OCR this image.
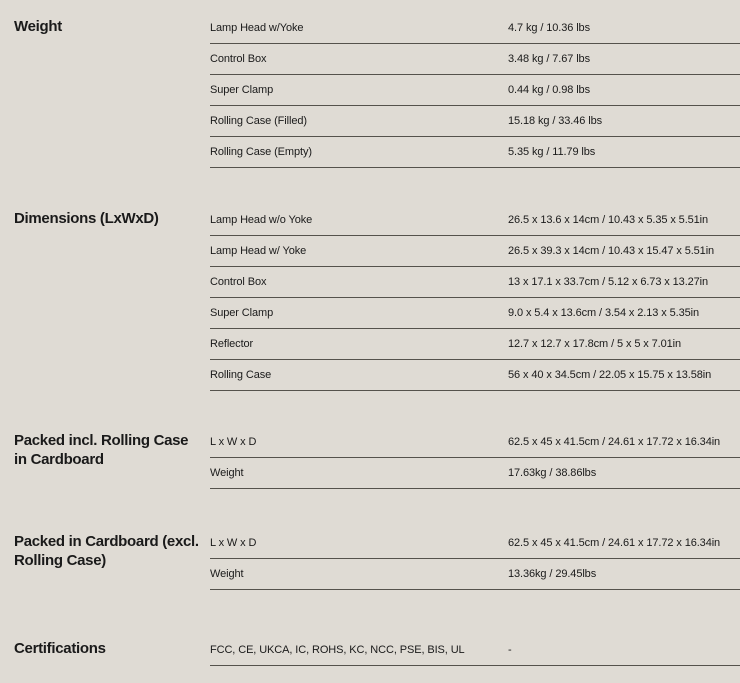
Weight	Lamp Head w/Yoke	4.7 kg / 10.36 lbs
Control Box	3.48 kg / 7.67 lbs
Super Clamp	0.44 kg / 0.98 lbs
Rolling Case (Filled)	15.18 kg / 33.46 lbs
Rolling Case (Empty)	5.35 kg / 11.79 lbs
Dimensions (LxWxD)	Lamp Head w/o Yoke	26.5 x 13.6 x 14cm / 10.43 x 5.35 x 5.51in
Lamp Head w/ Yoke	26.5 x 39.3 x 14cm / 10.43 x 15.47 x 5.51in
Control Box	13 x 17.1 x 33.7cm / 5.12 x 6.73 x 13.27in
Super Clamp	9.0 x 5.4 x 13.6cm / 3.54 x 2.13 x 5.35in
Reflector	12.7 x 12.7 x 17.8cm / 5 x 5 x 7.01in
Rolling Case	56 x 40 x 34.5cm / 22.05 x 15.75 x 13.58in
Packed incl. Rolling Case in Cardboard
L x W x D	62.5 x 45 x 41.5cm / 24.61 x 17.72 x 16.34in
Weight	17.63kg / 38.86lbs
Packed in Cardboard (excl. Rolling Case)
L x W x D	62.5 x 45 x 41.5cm / 24.61 x 17.72 x 16.34in
Weight	13.36kg / 29.45lbs
Certifications	FCC, CE, UKCA, IC, ROHS, KC, NCC, PSE, BIS, UL	-
